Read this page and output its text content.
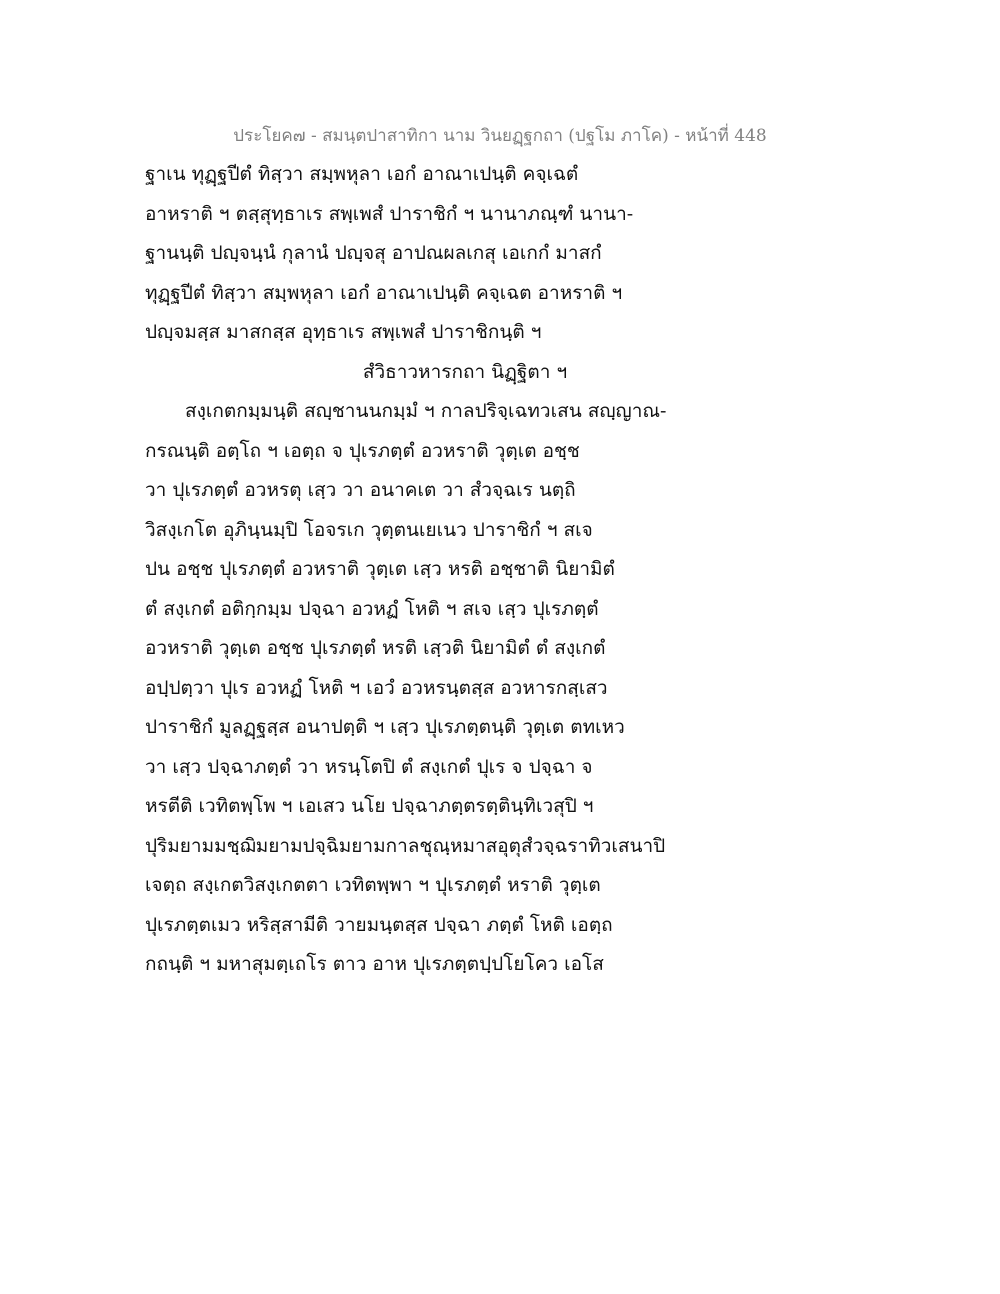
ประโยค๗ - สมนฺตปาสาทิกา นาม วินยฏฺฐกถา (ปฐโม ภาโค) - หน้าที่ 448
ฐาเน ทุฏฺฐปีตํ ทิสฺวา สมฺพหุลา เอกํ อาณาเปนฺติ คจฺเฉตํ
อาหราติ ฯ ตสฺสุทฺธาเร สพฺเพสํ ปาราชิกํ ฯ นานาภณฺฑํ นานา-
ฐานนฺติ ปญฺจนฺนํ กุลานํ ปญฺจสุ อาปณผลเกสุ เอเกกํ มาสกํ
ทุฏฺฐปีตํ ทิสฺวา สมฺพหุลา เอกํ อาณาเปนฺติ คจฺเฉต อาหราติ ฯ
ปญฺจมสฺส มาสกสฺส อุทฺธาเร สพฺเพสํ ปาราชิกนฺติ ฯ
สํวิธาวหารกถา นิฏฺฐิตา ฯ
สงฺเกตกมฺมนฺติ สญฺชานนกมฺมํ ฯ กาลปริจฺเฉทวเสน สญฺญาณ-
กรณนฺติ อตฺโถ ฯ เอตฺถ จ ปุเรภตฺตํ อวหราติ วุตฺเต อชฺช
วา ปุเรภตฺตํ อวหรตุ เสฺว วา อนาคเต วา สํวจฺฉเร นตฺถิ
วิสงฺเกโต อุภินฺนมฺปิ โอจรเก วุตฺตนเยเนว ปาราชิกํ ฯ สเจ
ปน อชฺช ปุเรภตฺตํ อวหราติ วุตฺเต เสฺว หรติ อชฺชาติ นิยามิตํ
ตํ สงฺเกตํ อติกฺกมฺม ปจฺฉา อวหฏํ โหติ ฯ สเจ เสฺว ปุเรภตฺตํ
อวหราติ วุตฺเต อชฺช ปุเรภตฺตํ หรติ เสฺวติ นิยามิตํ ตํ สงฺเกตํ
อปฺปตฺวา ปุเร อวหฏํ โหติ ฯ เอวํ อวหรนฺตสฺส อวหารกสฺเสว
ปาราชิกํ มูลฏฺฐสฺส อนาปตฺติ ฯ เสฺว ปุเรภตฺตนฺติ วุตฺเต ตทเหว
วา เสฺว ปจฺฉาภตฺตํ วา หรนฺโตปิ ตํ สงฺเกตํ ปุเร จ ปจฺฉา จ
หรตีติ เวทิตพฺโพ ฯ เอเสว นโย ปจฺฉาภตฺตรตฺตินฺทิเวสุปิ ฯ
ปุริมยามมชฺฌิมยามปจฺฉิมยามกาลชุณฺหมาสอุตุสํวจฺฉราทิวเสนาปิ
เจตฺถ สงฺเกตวิสงฺเกตตา เวทิตพฺพา ฯ ปุเรภตฺตํ หราติ วุตฺเต
ปุเรภตฺตเมว หริสฺสามีติ วายมนฺตสฺส ปจฺฉา ภตฺตํ โหติ เอตฺถ
กถนฺติ ฯ มหาสุมตฺเถโร ตาว อาห ปุเรภตฺตปฺปโยโคว เอโส
